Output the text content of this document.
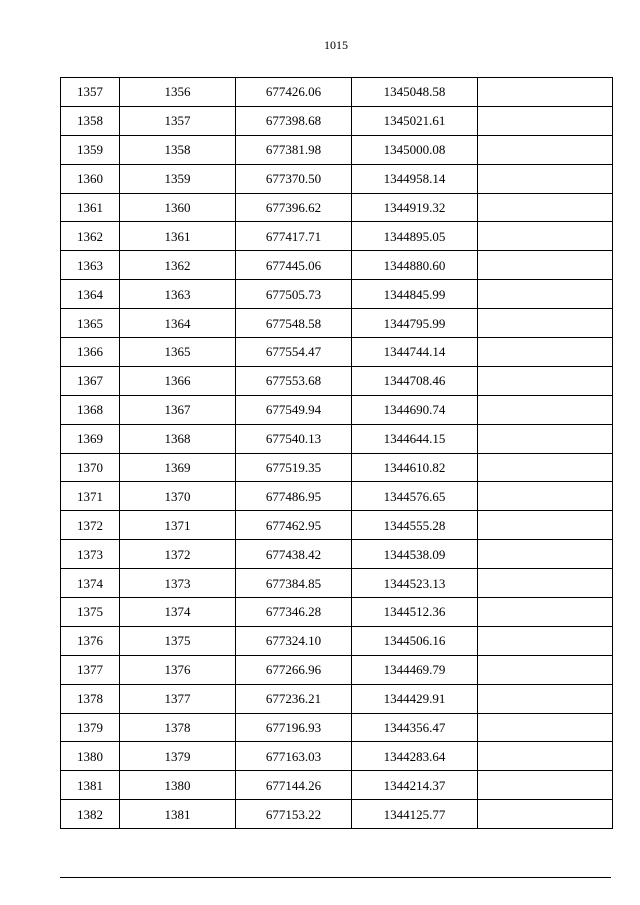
1015
1357	1356	677426.06	1345048.58	
1358	1357	677398.68	1345021.61	
1359	1358	677381.98	1345000.08	
1360	1359	677370.50	1344958.14	
1361	1360	677396.62	1344919.32	
1362	1361	677417.71	1344895.05	
1363	1362	677445.06	1344880.60	
1364	1363	677505.73	1344845.99	
1365	1364	677548.58	1344795.99	
1366	1365	677554.47	1344744.14	
1367	1366	677553.68	1344708.46	
1368	1367	677549.94	1344690.74	
1369	1368	677540.13	1344644.15	
1370	1369	677519.35	1344610.82	
1371	1370	677486.95	1344576.65	
1372	1371	677462.95	1344555.28	
1373	1372	677438.42	1344538.09	
1374	1373	677384.85	1344523.13	
1375	1374	677346.28	1344512.36	
1376	1375	677324.10	1344506.16	
1377	1376	677266.96	1344469.79	
1378	1377	677236.21	1344429.91	
1379	1378	677196.93	1344356.47	
1380	1379	677163.03	1344283.64	
1381	1380	677144.26	1344214.37	
1382	1381	677153.22	1344125.77	
